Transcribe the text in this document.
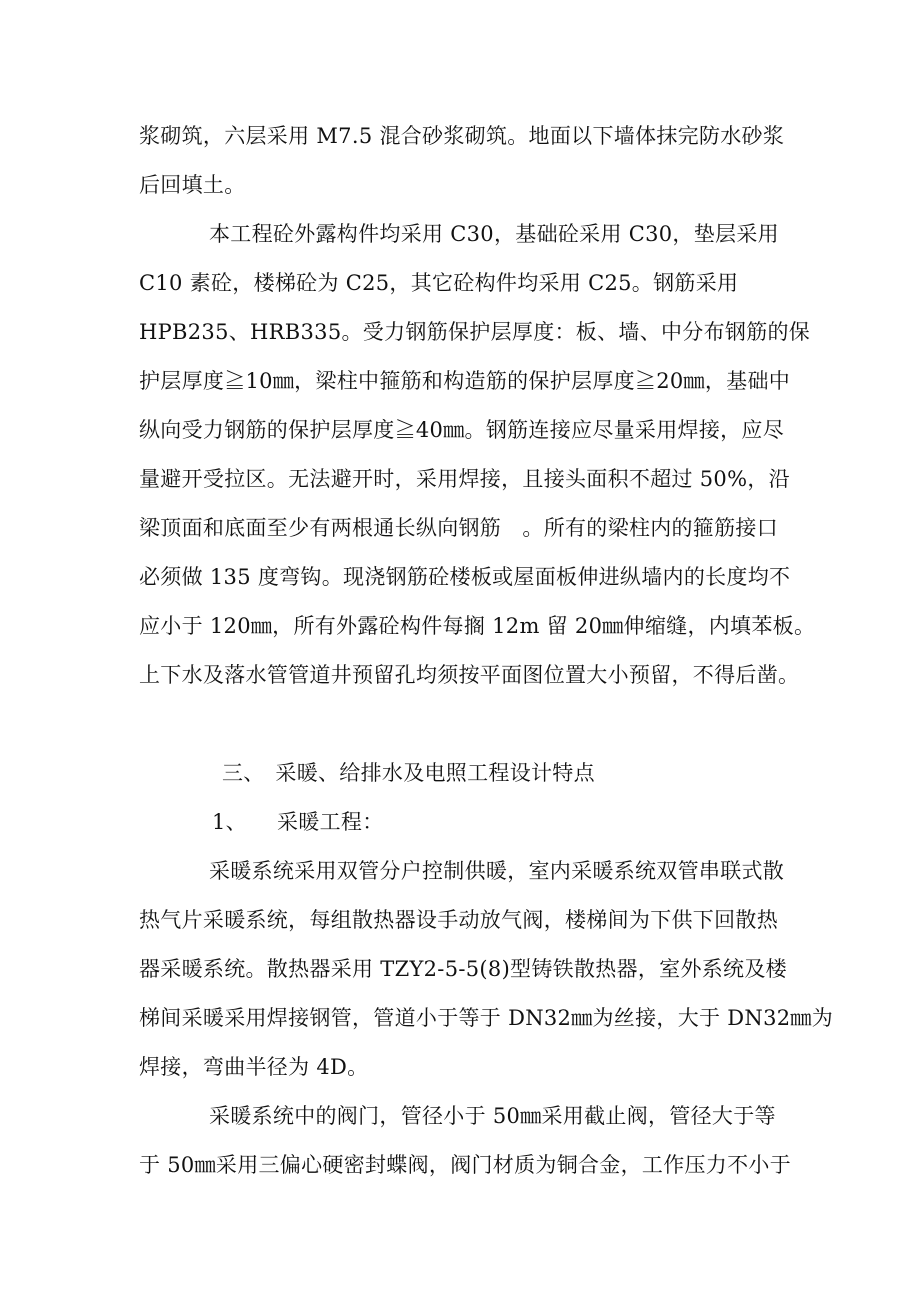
浆砌筑，六层采用 M7.5 混合砂浆砌筑。地面以下墙体抹完防水砂浆
后回填土。
本工程砼外露构件均采用 C30，基础砼采用 C30，垫层采用
C10 素砼，楼梯砼为 C25，其它砼构件均采用 C25。钢筋采用
HPB235、HRB335。受力钢筋保护层厚度：板、墙、中分布钢筋的保
护层厚度≧10㎜，梁柱中箍筋和构造筋的保护层厚度≧20㎜，基础中
纵向受力钢筋的保护层厚度≧40㎜。钢筋连接应尽量采用焊接，应尽
量避开受拉区。无法避开时，采用焊接，且接头面积不超过 50%，沿
梁顶面和底面至少有两根通长纵向钢筋　。所有的梁柱内的箍筋接口
必须做 135 度弯钩。现浇钢筋砼楼板或屋面板伸进纵墙内的长度均不
应小于 120㎜，所有外露砼构件每搁 12m 留 20㎜伸缩缝，内填苯板。
上下水及落水管管道井预留孔均须按平面图位置大小预留，不得后凿。
三、　采暖、给排水及电照工程设计特点
1、 采暖工程：
采暖系统采用双管分户控制供暖，室内采暖系统双管串联式散
热气片采暖系统，每组散热器设手动放气阀，楼梯间为下供下回散热
器采暖系统。散热器采用 TZY2-5-5(8)型铸铁散热器，室外系统及楼
梯间采暖采用焊接钢管，管道小于等于 DN32㎜为丝接，大于 DN32㎜为
焊接，弯曲半径为 4D。
采暖系统中的阀门，管径小于 50㎜采用截止阀，管径大于等
于 50㎜采用三偏心硬密封蝶阀，阀门材质为铜合金，工作压力不小于
